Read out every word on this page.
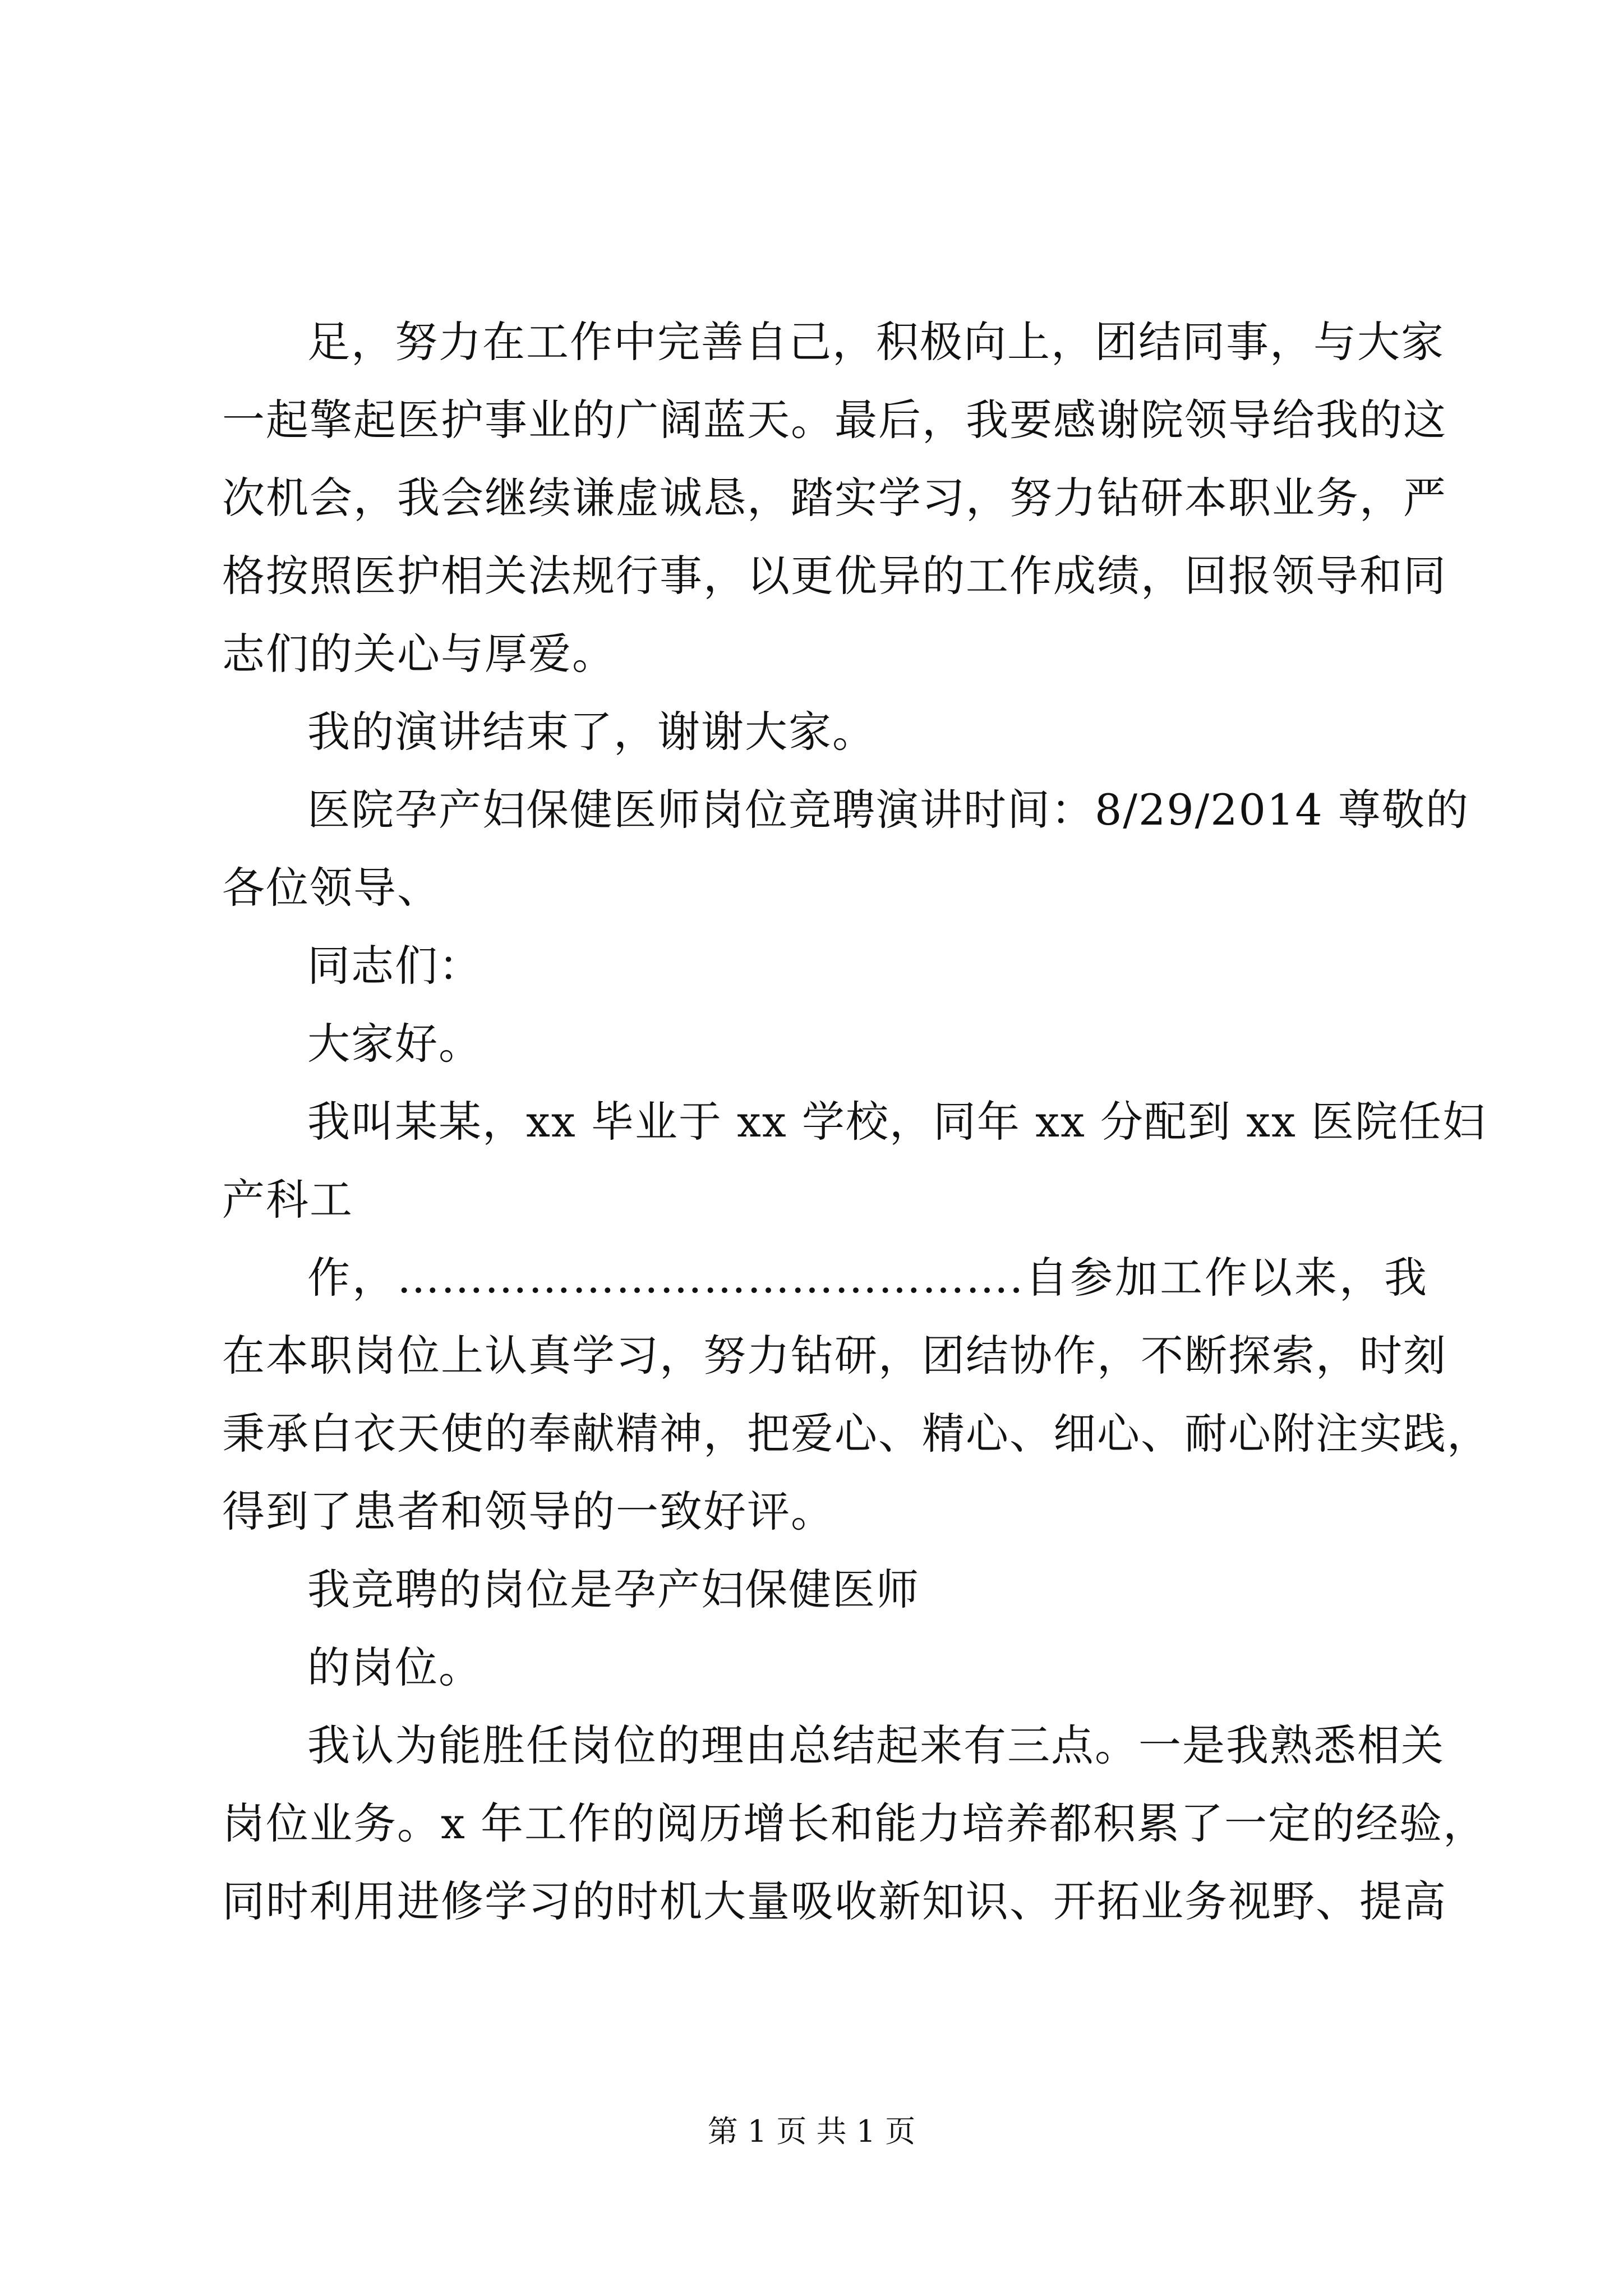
足，努力在工作中完善自己，积极向上，团结同事，与大家
一起擎起医护事业的广阔蓝天。最后，我要感谢院领导给我的这
次机会，我会继续谦虚诚恳，踏实学习，努力钻研本职业务，严
格按照医护相关法规行事，以更优异的工作成绩，回报领导和同
志们的关心与厚爱。
我的演讲结束了，谢谢大家。
医院孕产妇保健医师岗位竞聘演讲时间：8/29/2014 尊敬的
各位领导、
同志们：
大家好。
我叫某某，xx 毕业于 xx 学校，同年 xx 分配到 xx 医院任妇
产科工
作，…………………………………….自参加工作以来，我
在本职岗位上认真学习，努力钻研，团结协作，不断探索，时刻
秉承白衣天使的奉献精神，把爱心、精心、细心、耐心附注实践，
得到了患者和领导的一致好评。
我竞聘的岗位是孕产妇保健医师
的岗位。
我认为能胜任岗位的理由总结起来有三点。一是我熟悉相关
岗位业务。x 年工作的阅历增长和能力培养都积累了一定的经验，
同时利用进修学习的时机大量吸收新知识、开拓业务视野、提高
第 1 页 共 1 页
